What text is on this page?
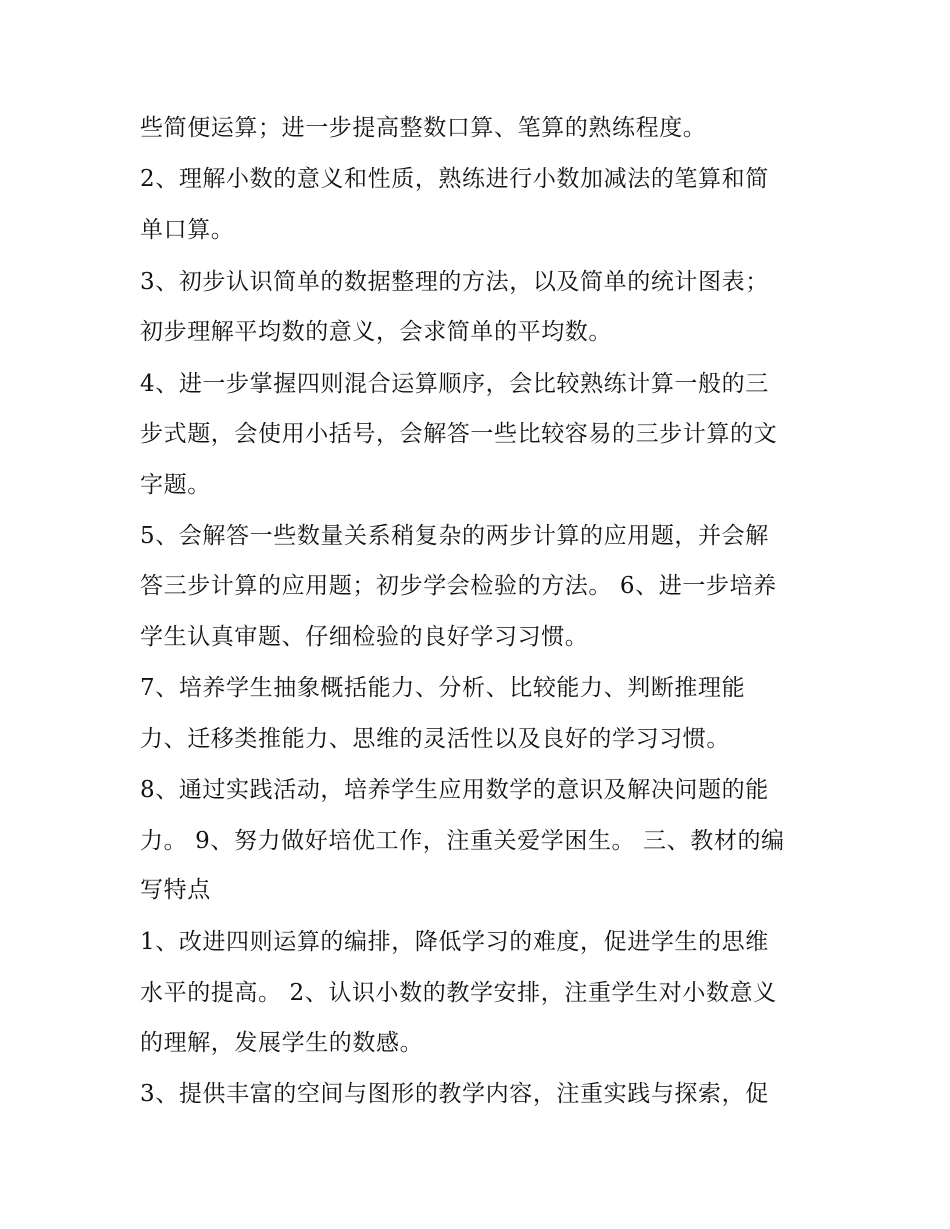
些简便运算；进一步提高整数口算、笔算的熟练程度。
2、理解小数的意义和性质，熟练进行小数加减法的笔算和简
单口算。
3、初步认识简单的数据整理的方法，以及简单的统计图表；
初步理解平均数的意义，会求简单的平均数。
4、进一步掌握四则混合运算顺序，会比较熟练计算一般的三
步式题，会使用小括号，会解答一些比较容易的三步计算的文
字题。
5、会解答一些数量关系稍复杂的两步计算的应用题，并会解
答三步计算的应用题；初步学会检验的方法。 6、进一步培养
学生认真审题、仔细检验的良好学习习惯。
7、培养学生抽象概括能力、分析、比较能力、判断推理能
力、迁移类推能力、思维的灵活性以及良好的学习习惯。
8、通过实践活动，培养学生应用数学的意识及解决问题的能
力。 9、努力做好培优工作，注重关爱学困生。 三、教材的编
写特点
1、改进四则运算的编排，降低学习的难度，促进学生的思维
水平的提高。 2、认识小数的教学安排，注重学生对小数意义
的理解，发展学生的数感。
3、提供丰富的空间与图形的教学内容，注重实践与探索，促
